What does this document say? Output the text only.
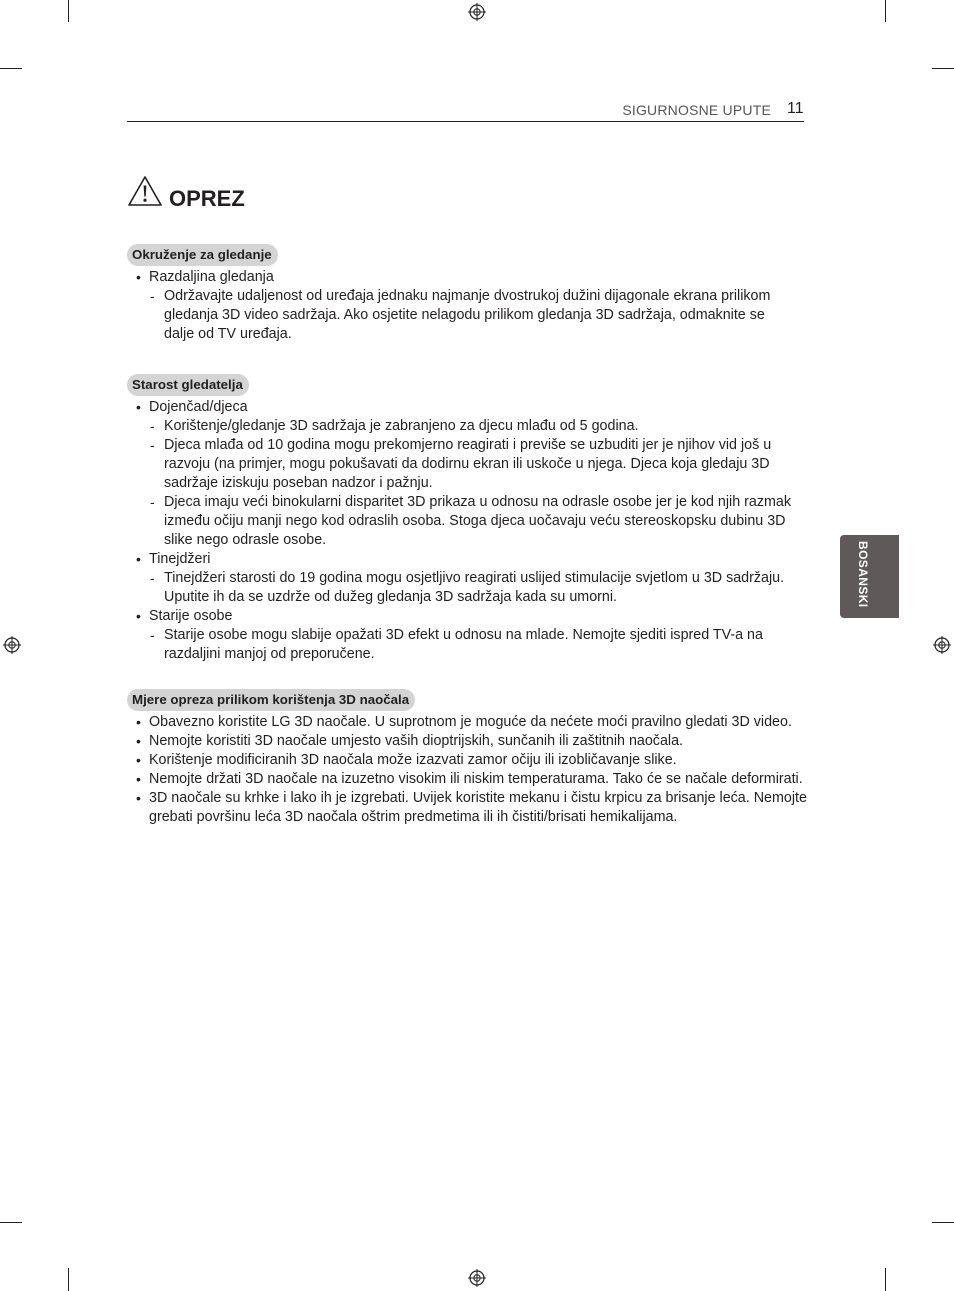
SIGURNOSNE UPUTE 11
BOSANSKI
OPREZ
Okruženje za gledanje
• Razdaljina gledanja
- Održavajte udaljenost od uređaja jednaku najmanje dvostrukoj dužini dijagonale ekrana prilikom
gledanja 3D video sadržaja. Ako osjetite nelagodu prilikom gledanja 3D sadržaja, odmaknite se
dalje od TV uređaja.
Starost gledatelja
• Dojenčad/djeca
- Korištenje/gledanje 3D sadržaja je zabranjeno za djecu mlađu od 5 godina.
- Djeca mlađa od 10 godina mogu prekomjerno reagirati i previše se uzbuditi jer je njihov vid još u
razvoju (na primjer, mogu pokušavati da dodirnu ekran ili uskoče u njega. Djeca koja gledaju 3D
sadržaje iziskuju poseban nadzor i pažnju.
- Djeca imaju veći binokularni disparitet 3D prikaza u odnosu na odrasle osobe jer je kod njih razmak
između očiju manji nego kod odraslih osoba. Stoga djeca uočavaju veću stereoskopsku dubinu 3D
slike nego odrasle osobe.
• Tinejdžeri
- Tinejdžeri starosti do 19 godina mogu osjetljivo reagirati uslijed stimulacije svjetlom u 3D sadržaju.
Uputite ih da se uzdrže od dužeg gledanja 3D sadržaja kada su umorni.
• Starije osobe
- Starije osobe mogu slabije opažati 3D efekt u odnosu na mlade. Nemojte sjediti ispred TV-a na
razdaljini manjoj od preporučene.
Mjere opreza prilikom korištenja 3D naočala
• Obavezno koristite LG 3D naočale. U suprotnom je moguće da nećete moći pravilno gledati 3D video.
• Nemojte koristiti 3D naočale umjesto vaših dioptrijskih, sunčanih ili zaštitnih naočala.
• Korištenje modificiranih 3D naočala može izazvati zamor očiju ili izobličavanje slike.
• Nemojte držati 3D naočale na izuzetno visokim ili niskim temperaturama. Tako će se načale deformirati.
• 3D naočale su krhke i lako ih je izgrebati. Uvijek koristite mekanu i čistu krpicu za brisanje leća. Nemojte
grebati površinu leća 3D naočala oštrim predmetima ili ih čistiti/brisati hemikalijama.
